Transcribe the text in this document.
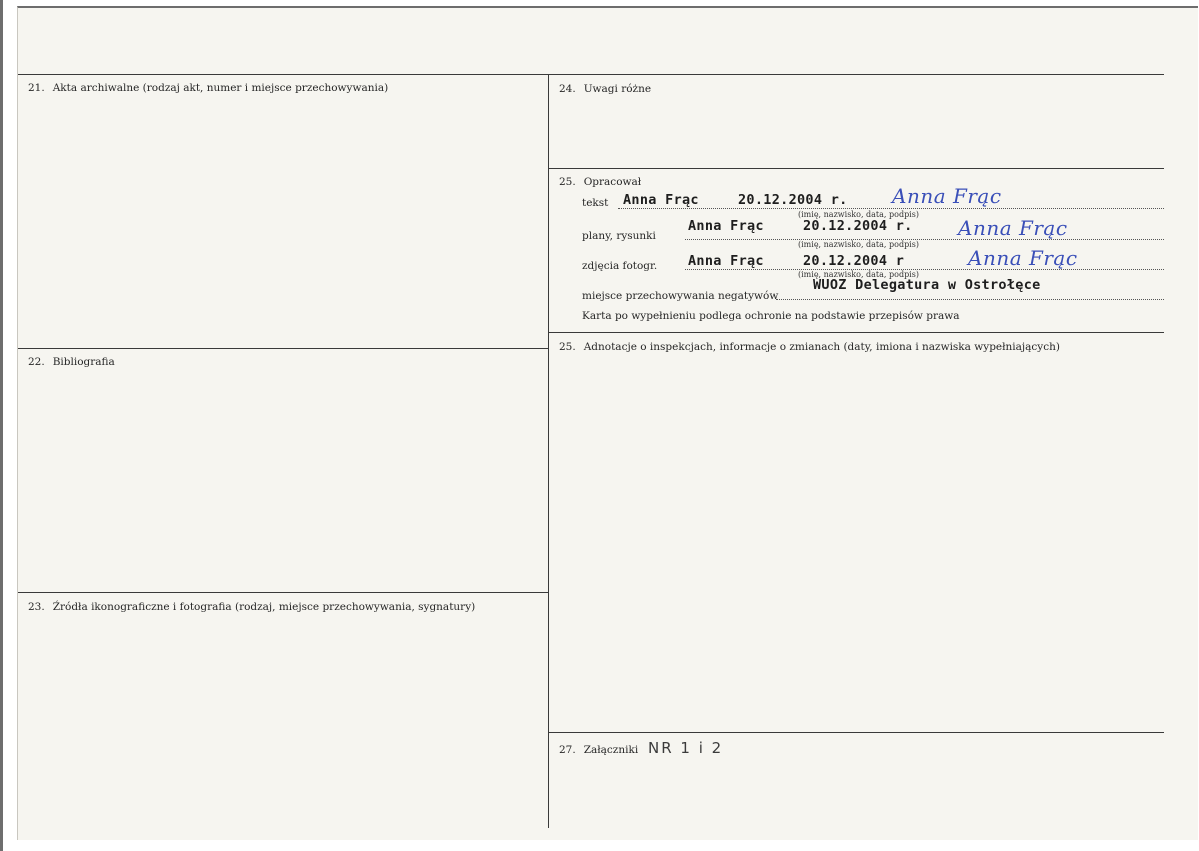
21. Akta archiwalne (rodzaj akt, numer i miejsce przechowywania)
22. Bibliografia
23. Źródła ikonograficzne i fotografia (rodzaj, miejsce przechowywania, sygnatury)
24. Uwagi różne
25. Opracował
tekst Anna Frąc	20.12.2004 r. Anna Frąc
(imię, nazwisko, data, podpis)
plany, rysunki
Anna Frąc	20.12.2004 r. Anna Frąc
(imię, nazwisko, data, podpis)
zdjęcia fotogr. Anna Frąc	20.12.2004 r	Anna Frąc
(imię, nazwisko, data, podpis)
miejsce przechowywania negatywów
WUOZ Delegatura w Ostrołęce
Karta po wypełnieniu podlega ochronie na podstawie przepisów prawa
25. Adnotacje o inspekcjach, informacje o zmianach (daty, imiona i nazwiska wypełniających)
27. Załączniki NR 1 i 2
